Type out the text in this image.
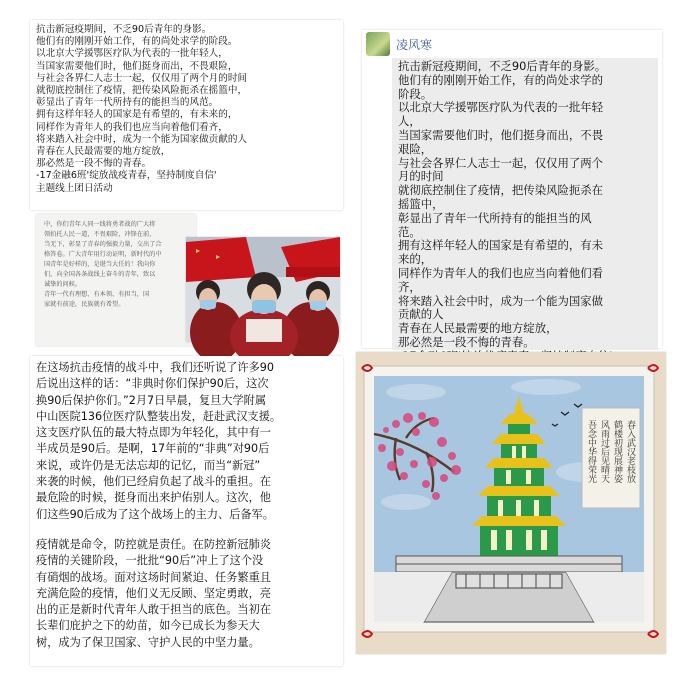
抗击新冠疫期间，不乏90后青年的身影。
他们有的刚刚开始工作，有的尚处求学的阶段。
以北京大学援鄂医疗队为代表的一批年轻人，
当国家需要他们时，他们挺身而出，不畏艰险，
与社会各界仁人志士一起，仅仅用了两个月的时间
就彻底控制住了疫情，把传染风险扼杀在摇篮中，
彰显出了青年一代所持有的能担当的风范。
拥有这样年轻人的国家是有希望的，有未来的，
同样作为青年人的我们也应当向着他们看齐，
将来踏入社会中时，成为一个能为国家做贡献的人
青春在人民最需要的地方绽放，
那必然是一段不悔的青春。
-17金融6班'绽放战疫青春，坚持制度自信'
主题线上团日活动
凌风寒
抗击新冠疫期间，不乏90后青年的身影。
他们有的刚刚开始工作，有的尚处求学的
阶段。
以北京大学援鄂医疗队为代表的一批年轻
人，
当国家需要他们时，他们挺身而出，不畏
艰险，
与社会各界仁人志士一起，仅仅用了两个
月的时间
就彻底控制住了疫情，把传染风险扼杀在
摇篮中，
彰显出了青年一代所持有的能担当的风
范。
拥有这样年轻人的国家是有希望的，有未
来的，
同样作为青年人的我们也应当向着他们看
齐，
将来踏入社会中时，成为一个能为国家做
贡献的人
青春在人民最需要的地方绽放，
那必然是一段不悔的青春。
中，你们青年人同一线将勇者战的广大将
领拍托人民一道，不畏艰险，冲锋在前，
当无下，彰显了青春的强毅力量，交出了合
格答卷。广大青年用行动证明，新时代的中
国青年是好样的，是堪当大任的！我向你
们，向全国各条战线上奋斗的青年，致以
诚挚的问候。
青年一代有理想、有本领、有担当，国
家就有前途，民族就有希望。
在这场抗击疫情的战斗中，我们还听说了许多90
后说出这样的话：“非典时你们保护90后，这次
换90后保护你们。”2月7日早晨，复旦大学附属
中山医院136位医疗队整装出发，赶赴武汉支援。
这支医疗队伍的最大特点即为年轻化，其中有一
半成员是90后。是啊，17年前的“非典”对90后
来说，或许仍是无法忘却的记忆，而当“新冠”
来袭的时候，他们已经肩负起了战斗的重担。在
最危险的时候，挺身而出来护佑别人。这次，他
们这些90后成为了这个战场上的主力、后备军。
疫情就是命令，防控就是责任。在防控新冠肺炎
疫情的关键阶段，一批批“90后”冲上了这个没
有硝烟的战场。面对这场时间紧迫、任务繁重且
充满危险的疫情，他们义无反顾、坚定勇敢，亮
出的正是新时代青年人敢于担当的底色。当初在
长辈们庇护之下的幼苗，如今已成长为参天大
树，成为了保卫国家、守护人民的中坚力量。
春入武汉老枝放
鹤楼初现展神姿
风雨过后见晴天
吾念中华得荣光
